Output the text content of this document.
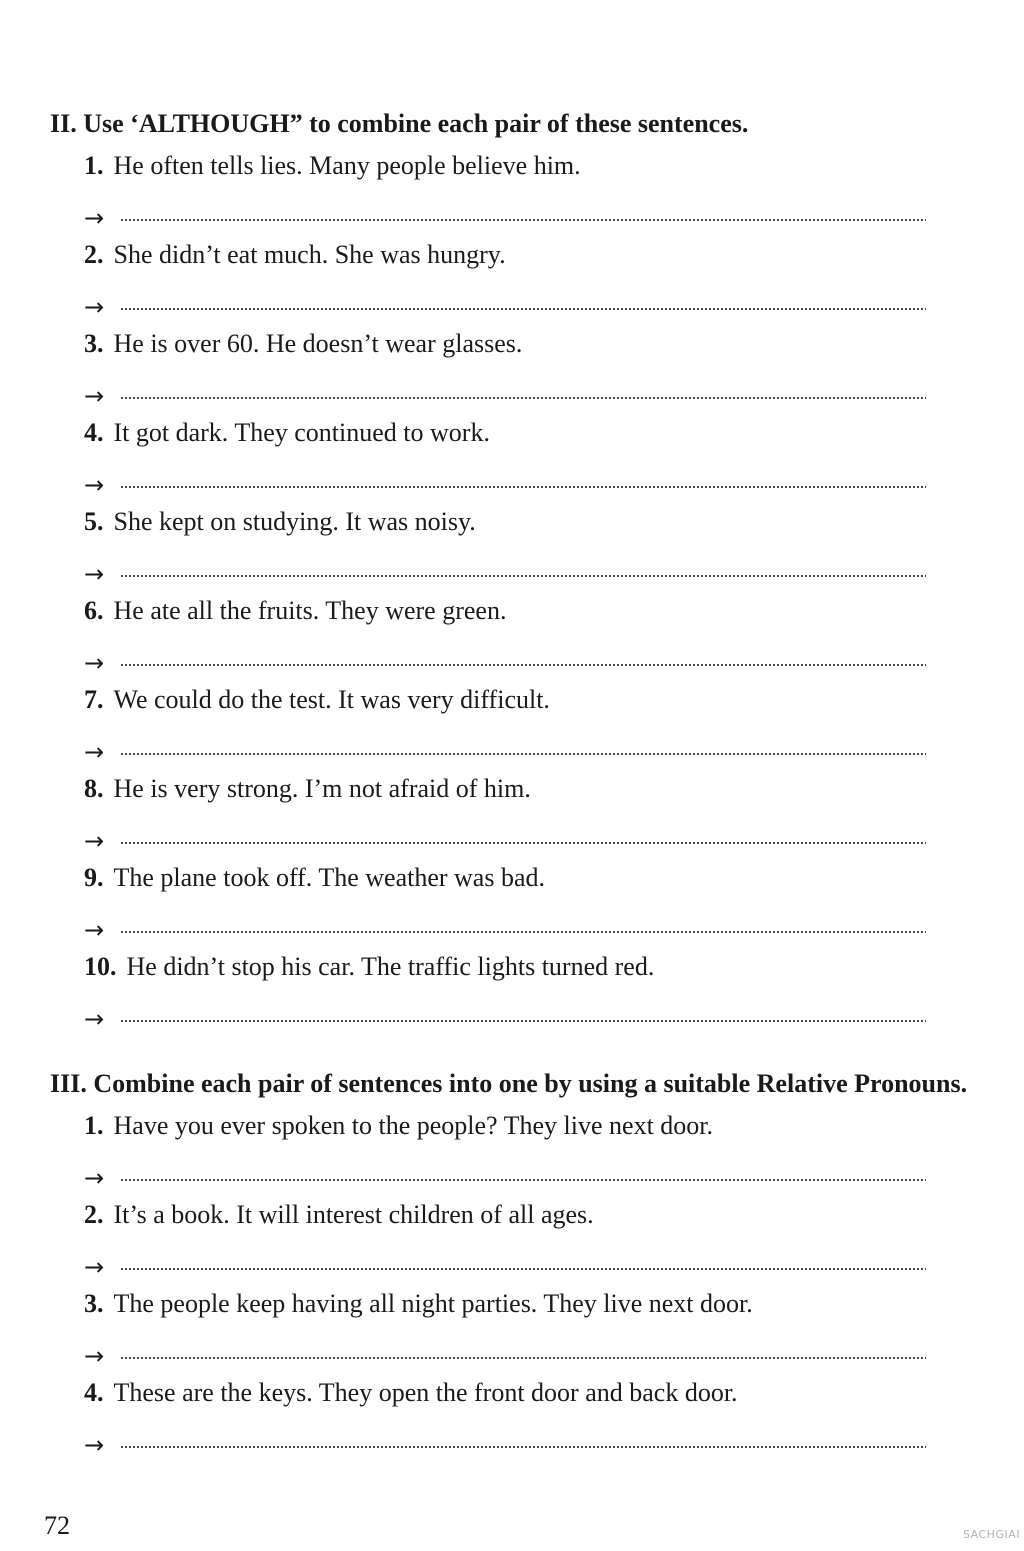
II. Use ‘ALTHOUGH” to combine each pair of these sentences.
1. He often tells lies. Many people believe him.
→
2. She didn’t eat much. She was hungry.
→
3. He is over 60. He doesn’t wear glasses.
→
4. It got dark. They continued to work.
→
5. She kept on studying. It was noisy.
→
6. He ate all the fruits. They were green.
→
7. We could do the test. It was very difficult.
→
8. He is very strong. I’m not afraid of him.
→
9. The plane took off. The weather was bad.
→
10. He didn’t stop his car. The traffic lights turned red.
→
III. Combine each pair of sentences into one by using a suitable Relative Pronouns.
1. Have you ever spoken to the people? They live next door.
→
2. It’s a book. It will interest children of all ages.
→
3. The people keep having all night parties. They live next door.
→
4. These are the keys. They open the front door and back door.
→
72	SACHGIAI
